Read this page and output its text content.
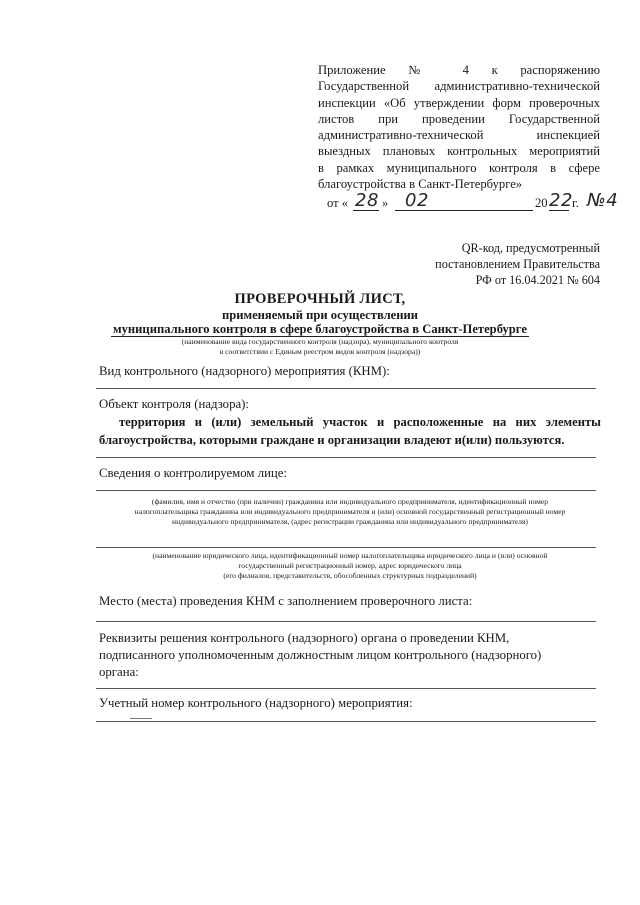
Приложение № 4 к распоряжению
Государственной административно-технической
инспекции «Об утверждении форм проверочных
листов при проведении Государственной
административно-технической инспекцией
выездных плановых контрольных мероприятий
в рамках муниципального контроля в сфере
благоустройства в Санкт-Петербурге»
от « 28 » 02	20 22 г. №4
QR-код, предусмотренный
постановлением Правительства
РФ от 16.04.2021 № 604
ПРОВЕРОЧНЫЙ ЛИСТ,
применяемый при осуществлении
муниципального контроля в сфере благоустройства в Санкт-Петербурге
(наименование вида государственного контроля (надзора), муниципального контроля
в соответствии с Единым реестром видов контроля (надзора))
Вид контрольного (надзорного) мероприятия (КНМ):
Объект контроля (надзора):
территория и (или) земельный участок и расположенные на них элементы
благоустройства, которыми граждане и организации владеют и(или) пользуются.
Сведения о контролируемом лице:
(фамилия, имя и отчество (при наличии) гражданина или индивидуального предпринимателя, идентификационный номер
налогоплательщика гражданина или индивидуального предпринимателя и (или) основной государственный регистрационный номер
индивидуального предпринимателя, (адрес регистрации гражданина или индивидуального предпринимателя)
(наименование юридического лица, идентификационный номер налогоплательщика юридического лица и (или) основной
государственный регистрационный номер, адрес юридического лица
(его филиалов, представительств, обособленных структурных подразделений)
Место (места) проведения КНМ с заполнением проверочного листа:
Реквизиты решения контрольного (надзорного) органа о проведении КНМ,
подписанного уполномоченным должностным лицом контрольного (надзорного)
органа:
Учетный номер контрольного (надзорного) мероприятия:
